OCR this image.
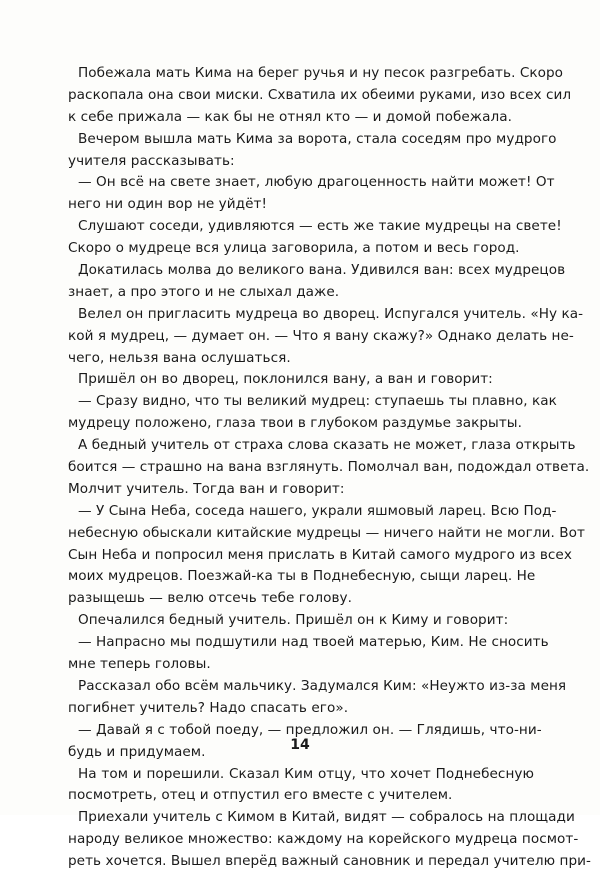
Побежала мать Кима на берег ручья и ну песок разгребать. Скоро
раскопала она свои миски. Схватила их обеими руками, изо всех сил
к себе прижала — как бы не отнял кто — и домой побежала.
Вечером вышла мать Кима за ворота, стала соседям про мудрого
учителя рассказывать:
— Он всё на свете знает, любую драгоценность найти может! От
него ни один вор не уйдёт!
Слушают соседи, удивляются — есть же такие мудрецы на свете!
Скоро о мудреце вся улица заговорила, а потом и весь город.
Докатилась молва до великого вана. Удивился ван: всех мудрецов
знает, а про этого и не слыхал даже.
Велел он пригласить мудреца во дворец. Испугался учитель. «Ну ка-
кой я мудрец, — думает он. — Что я вану скажу?» Однако делать не-
чего, нельзя вана ослушаться.
Пришёл он во дворец, поклонился вану, а ван и говорит:
— Сразу видно, что ты великий мудрец: ступаешь ты плавно, как
мудрецу положено, глаза твои в глубоком раздумье закрыты.
А бедный учитель от страха слова сказать не может, глаза открыть
боится — страшно на вана взглянуть. Помолчал ван, подождал ответа.
Молчит учитель. Тогда ван и говорит:
— У Сына Неба, соседа нашего, украли яшмовый ларец. Всю Под-
небесную обыскали китайские мудрецы — ничего найти не могли. Вот
Сын Неба и попросил меня прислать в Китай самого мудрого из всех
моих мудрецов. Поезжай-ка ты в Поднебесную, сыщи ларец. Не
разыщешь — велю отсечь тебе голову.
Опечалился бедный учитель. Пришёл он к Киму и говорит:
— Напрасно мы подшутили над твоей матерью, Ким. Не сносить
мне теперь головы.
Рассказал обо всём мальчику. Задумался Ким: «Неужто из-за меня
погибнет учитель? Надо спасать его».
— Давай я с тобой поеду, — предложил он. — Глядишь, что-ни-
будь и придумаем.
На том и порешили. Сказал Ким отцу, что хочет Поднебесную
посмотреть, отец и отпустил его вместе с учителем.
Приехали учитель с Кимом в Китай, видят — собралось на площади
народу великое множество: каждому на корейского мудреца посмот-
реть хочется. Вышел вперёд важный сановник и передал учителю при-
14
